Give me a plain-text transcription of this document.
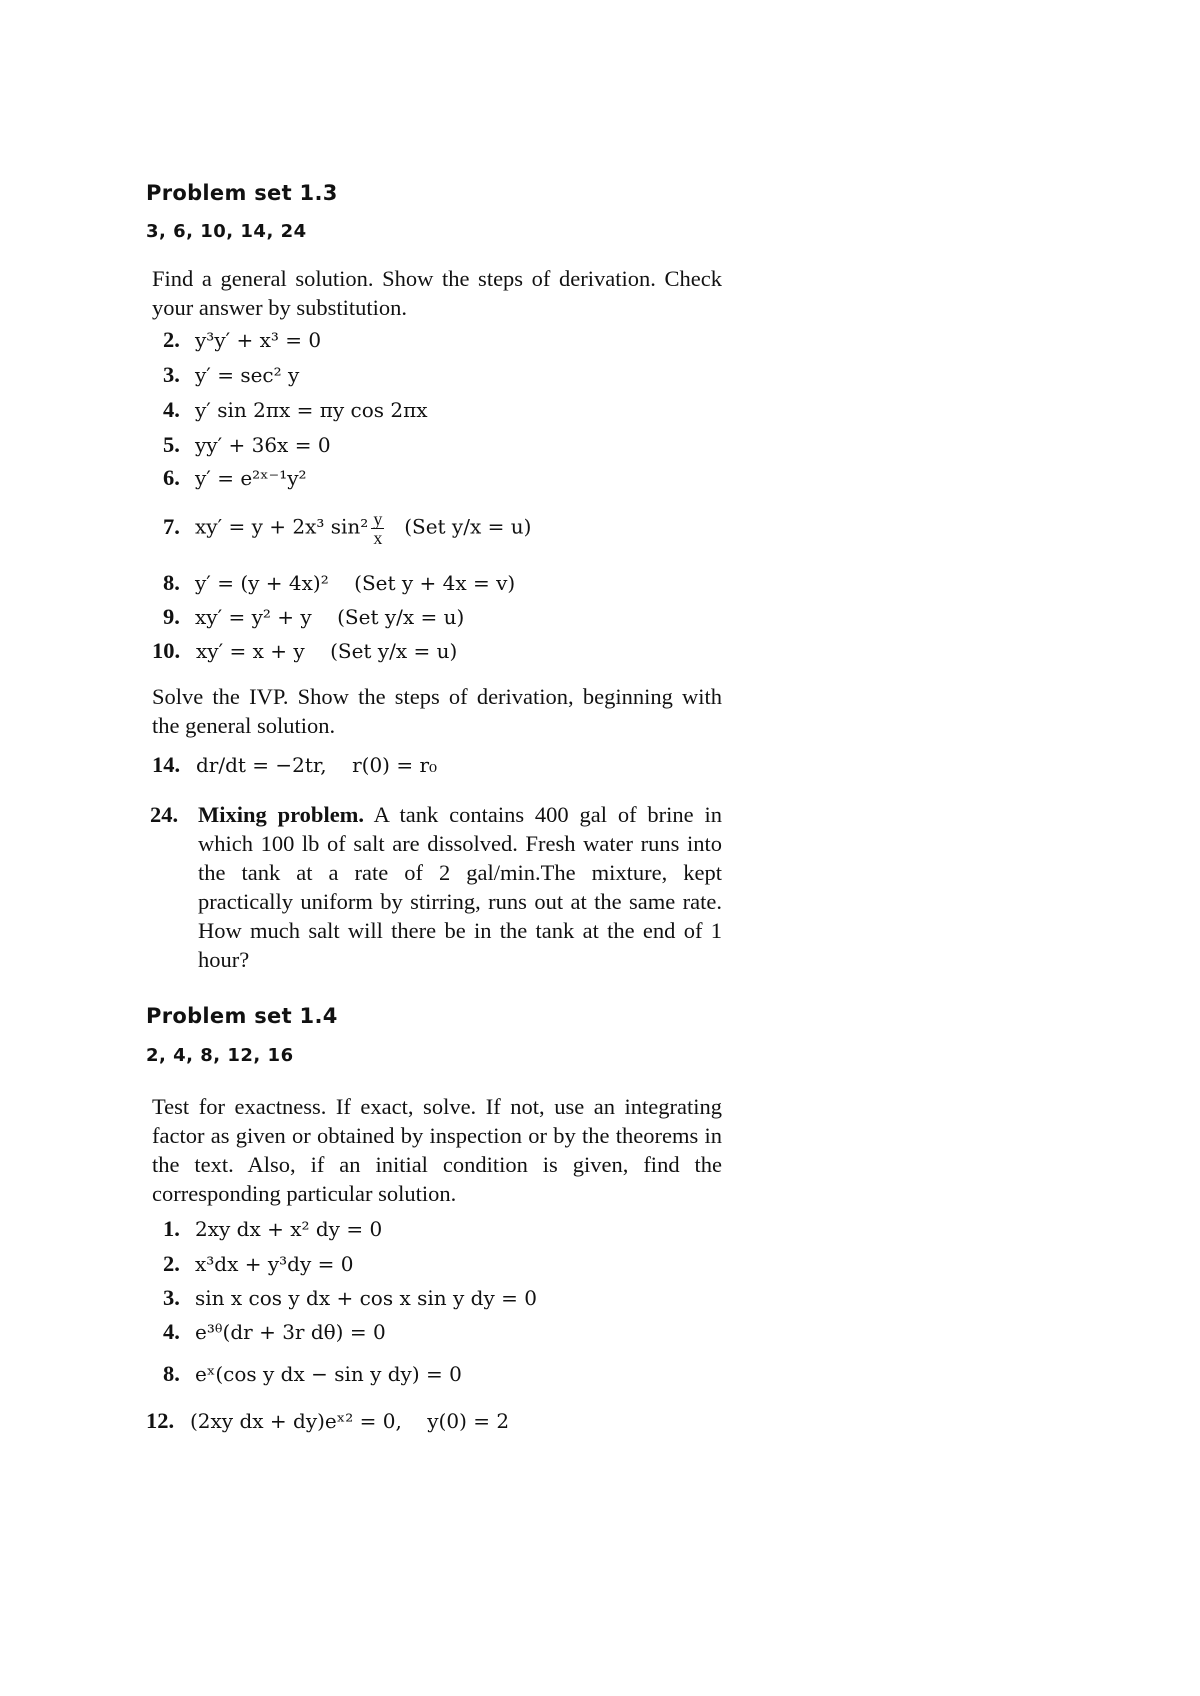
Problem set 1.3
3, 6, 10, 14, 24

Find a general solution. Show the steps of derivation. Check your answer by substitution.

2. y³y′ + x³ = 0
3. y′ = sec² y
4. y′ sin 2πx = πy cos 2πx
5. yy′ + 36x = 0
6. y′ = e²ˣ⁻¹y²
7. xy′ = y + 2x³ $\sin^2 \frac{y}{x} (Set$ y/x = u)
8. y′ = (y + 4x)²    (Set y + 4x = v)
9. xy′ = y² + y    (Set y/x = u)
10. xy′ = x + y    (Set y/x = u)

Solve the IVP. Show the steps of derivation, beginning with the general solution.

14. dr/dt = −2tr,    r(0) = r₀
24. Mixing problem. A tank contains 400 gal of brine in which 100 lb of salt are dissolved. Fresh water runs into the tank at a rate of 2 gal/min.The mixture, kept practically uniform by stirring, runs out at the same rate. How much salt will there be in the tank at the end of 1 hour?
Problem set 1.4
2, 4, 8, 12, 16

Test for exactness. If exact, solve. If not, use an integrating factor as given or obtained by inspection or by the theorems in the text. Also, if an initial condition is given, find the corresponding particular solution.

1. 2xy dx + x² dy = 0
2. x³dx + y³dy = 0
3. sin x cos y dx + cos x sin y dy = 0
4. e³ᶿ(dr + 3r dθ) = 0
8. eˣ(cos y dx − sin y dy) = 0
12. (2xy dx + dy)eˣ² = 0,    y(0) = 2
